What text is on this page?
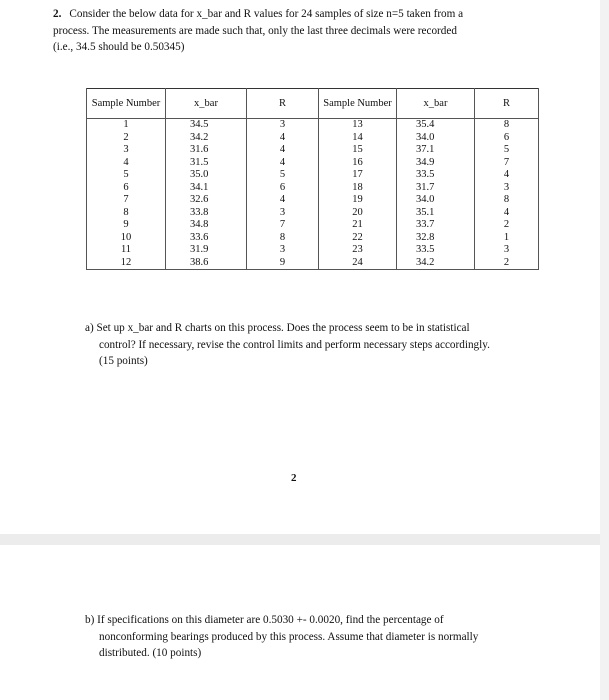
2. Consider the below data for x_bar and R values for 24 samples of size n=5 taken from a
process. The measurements are made such that, only the last three decimals were recorded
(i.e., 34.5 should be 0.50345)
Sample Number	x_bar	R	Sample Number	x_bar	R
1	34.5	3	13	35.4	8
2	34.2	4	14	34.0	6
3	31.6	4	15	37.1	5
4	31.5	4	16	34.9	7
5	35.0	5	17	33.5	4
6	34.1	6	18	31.7	3
7	32.6	4	19	34.0	8
8	33.8	3	20	35.1	4
9	34.8	7	21	33.7	2
10	33.6	8	22	32.8	1
11	31.9	3	23	33.5	3
12	38.6	9	24	34.2	2
a) Set up x_bar and R charts on this process. Does the process seem to be in statistical

control? If necessary, revise the control limits and perform necessary steps accordingly.
(15 points)
2
b) If specifications on this diameter are 0.5030 +- 0.0020, find the percentage of

nonconforming bearings produced by this process. Assume that diameter is normally
distributed. (10 points)
